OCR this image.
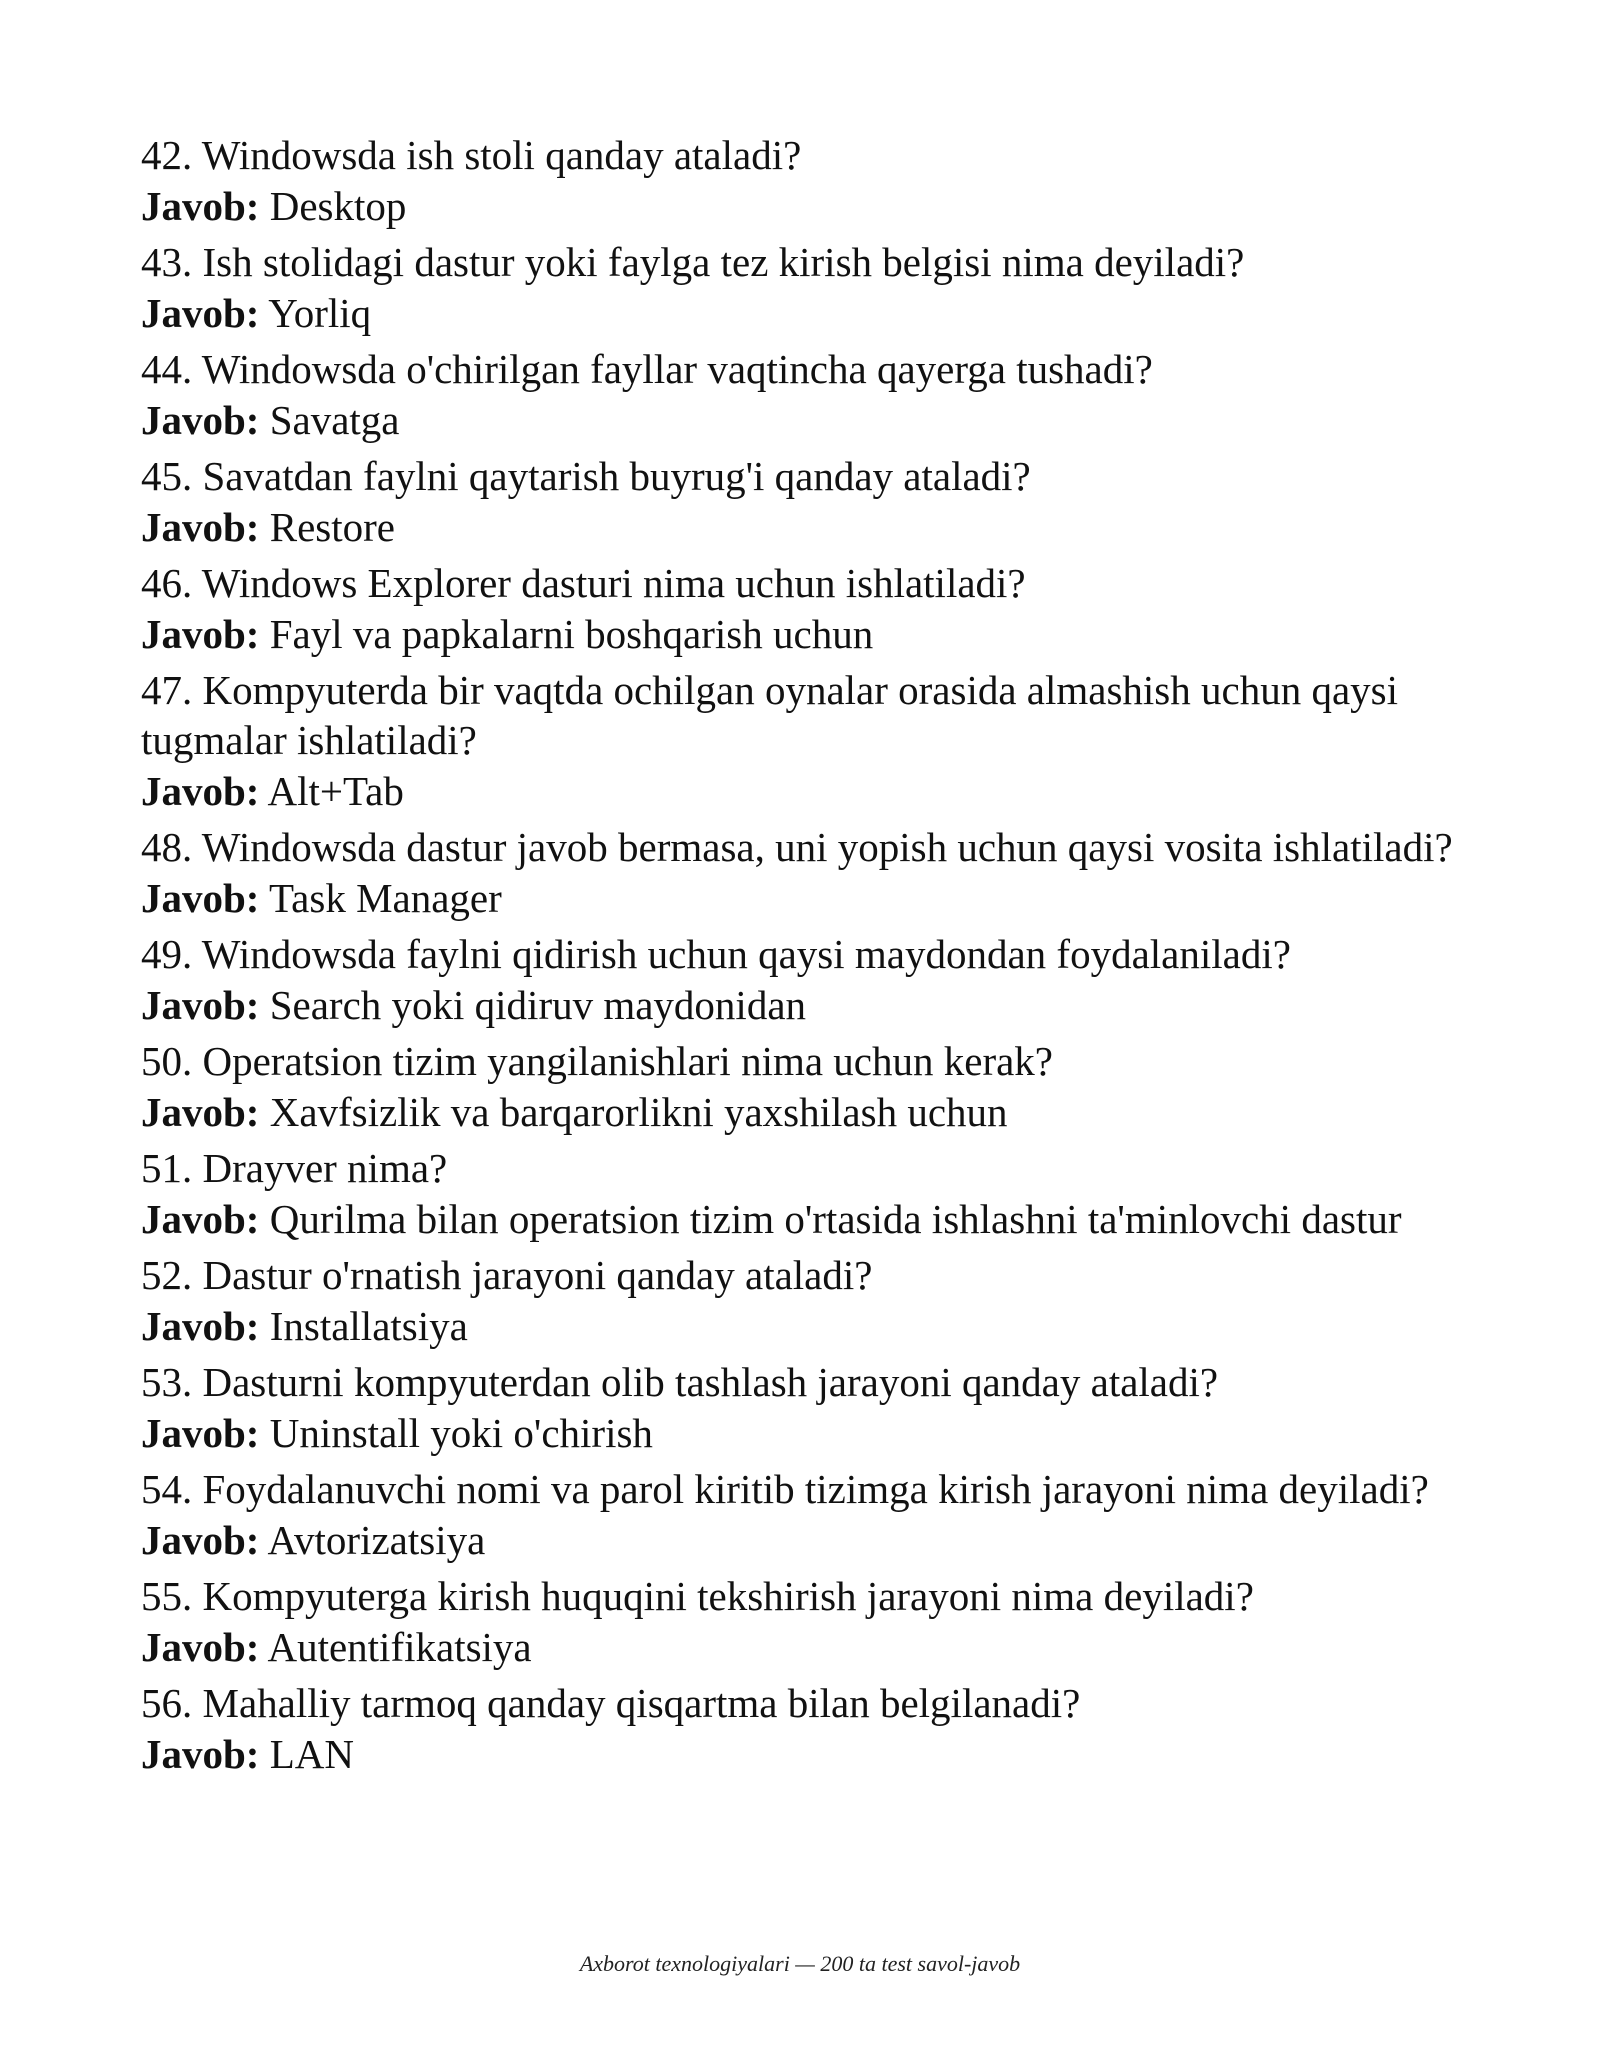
42. Windowsda ish stoli qanday ataladi?

Javob: Desktop

43. Ish stolidagi dastur yoki faylga tez kirish belgisi nima deyiladi?

Javob: Yorliq

44. Windowsda o'chirilgan fayllar vaqtincha qayerga tushadi?

Javob: Savatga

45. Savatdan faylni qaytarish buyrug'i qanday ataladi?

Javob: Restore

46. Windows Explorer dasturi nima uchun ishlatiladi?

Javob: Fayl va papkalarni boshqarish uchun

47. Kompyuterda bir vaqtda ochilgan oynalar orasida almashish uchun qaysi tugmalar ishlatiladi?

Javob: Alt+Tab

48. Windowsda dastur javob bermasa, uni yopish uchun qaysi vosita ishlatiladi?

Javob: Task Manager

49. Windowsda faylni qidirish uchun qaysi maydondan foydalaniladi?

Javob: Search yoki qidiruv maydonidan

50. Operatsion tizim yangilanishlari nima uchun kerak?

Javob: Xavfsizlik va barqarorlikni yaxshilash uchun

51. Drayver nima?

Javob: Qurilma bilan operatsion tizim o'rtasida ishlashni ta'minlovchi dastur

52. Dastur o'rnatish jarayoni qanday ataladi?

Javob: Installatsiya

53. Dasturni kompyuterdan olib tashlash jarayoni qanday ataladi?

Javob: Uninstall yoki o'chirish

54. Foydalanuvchi nomi va parol kiritib tizimga kirish jarayoni nima deyiladi?

Javob: Avtorizatsiya

55. Kompyuterga kirish huquqini tekshirish jarayoni nima deyiladi?

Javob: Autentifikatsiya

56. Mahalliy tarmoq qanday qisqartma bilan belgilanadi?

Javob: LAN

Axborot texnologiyalari — 200 ta test savol-javob
